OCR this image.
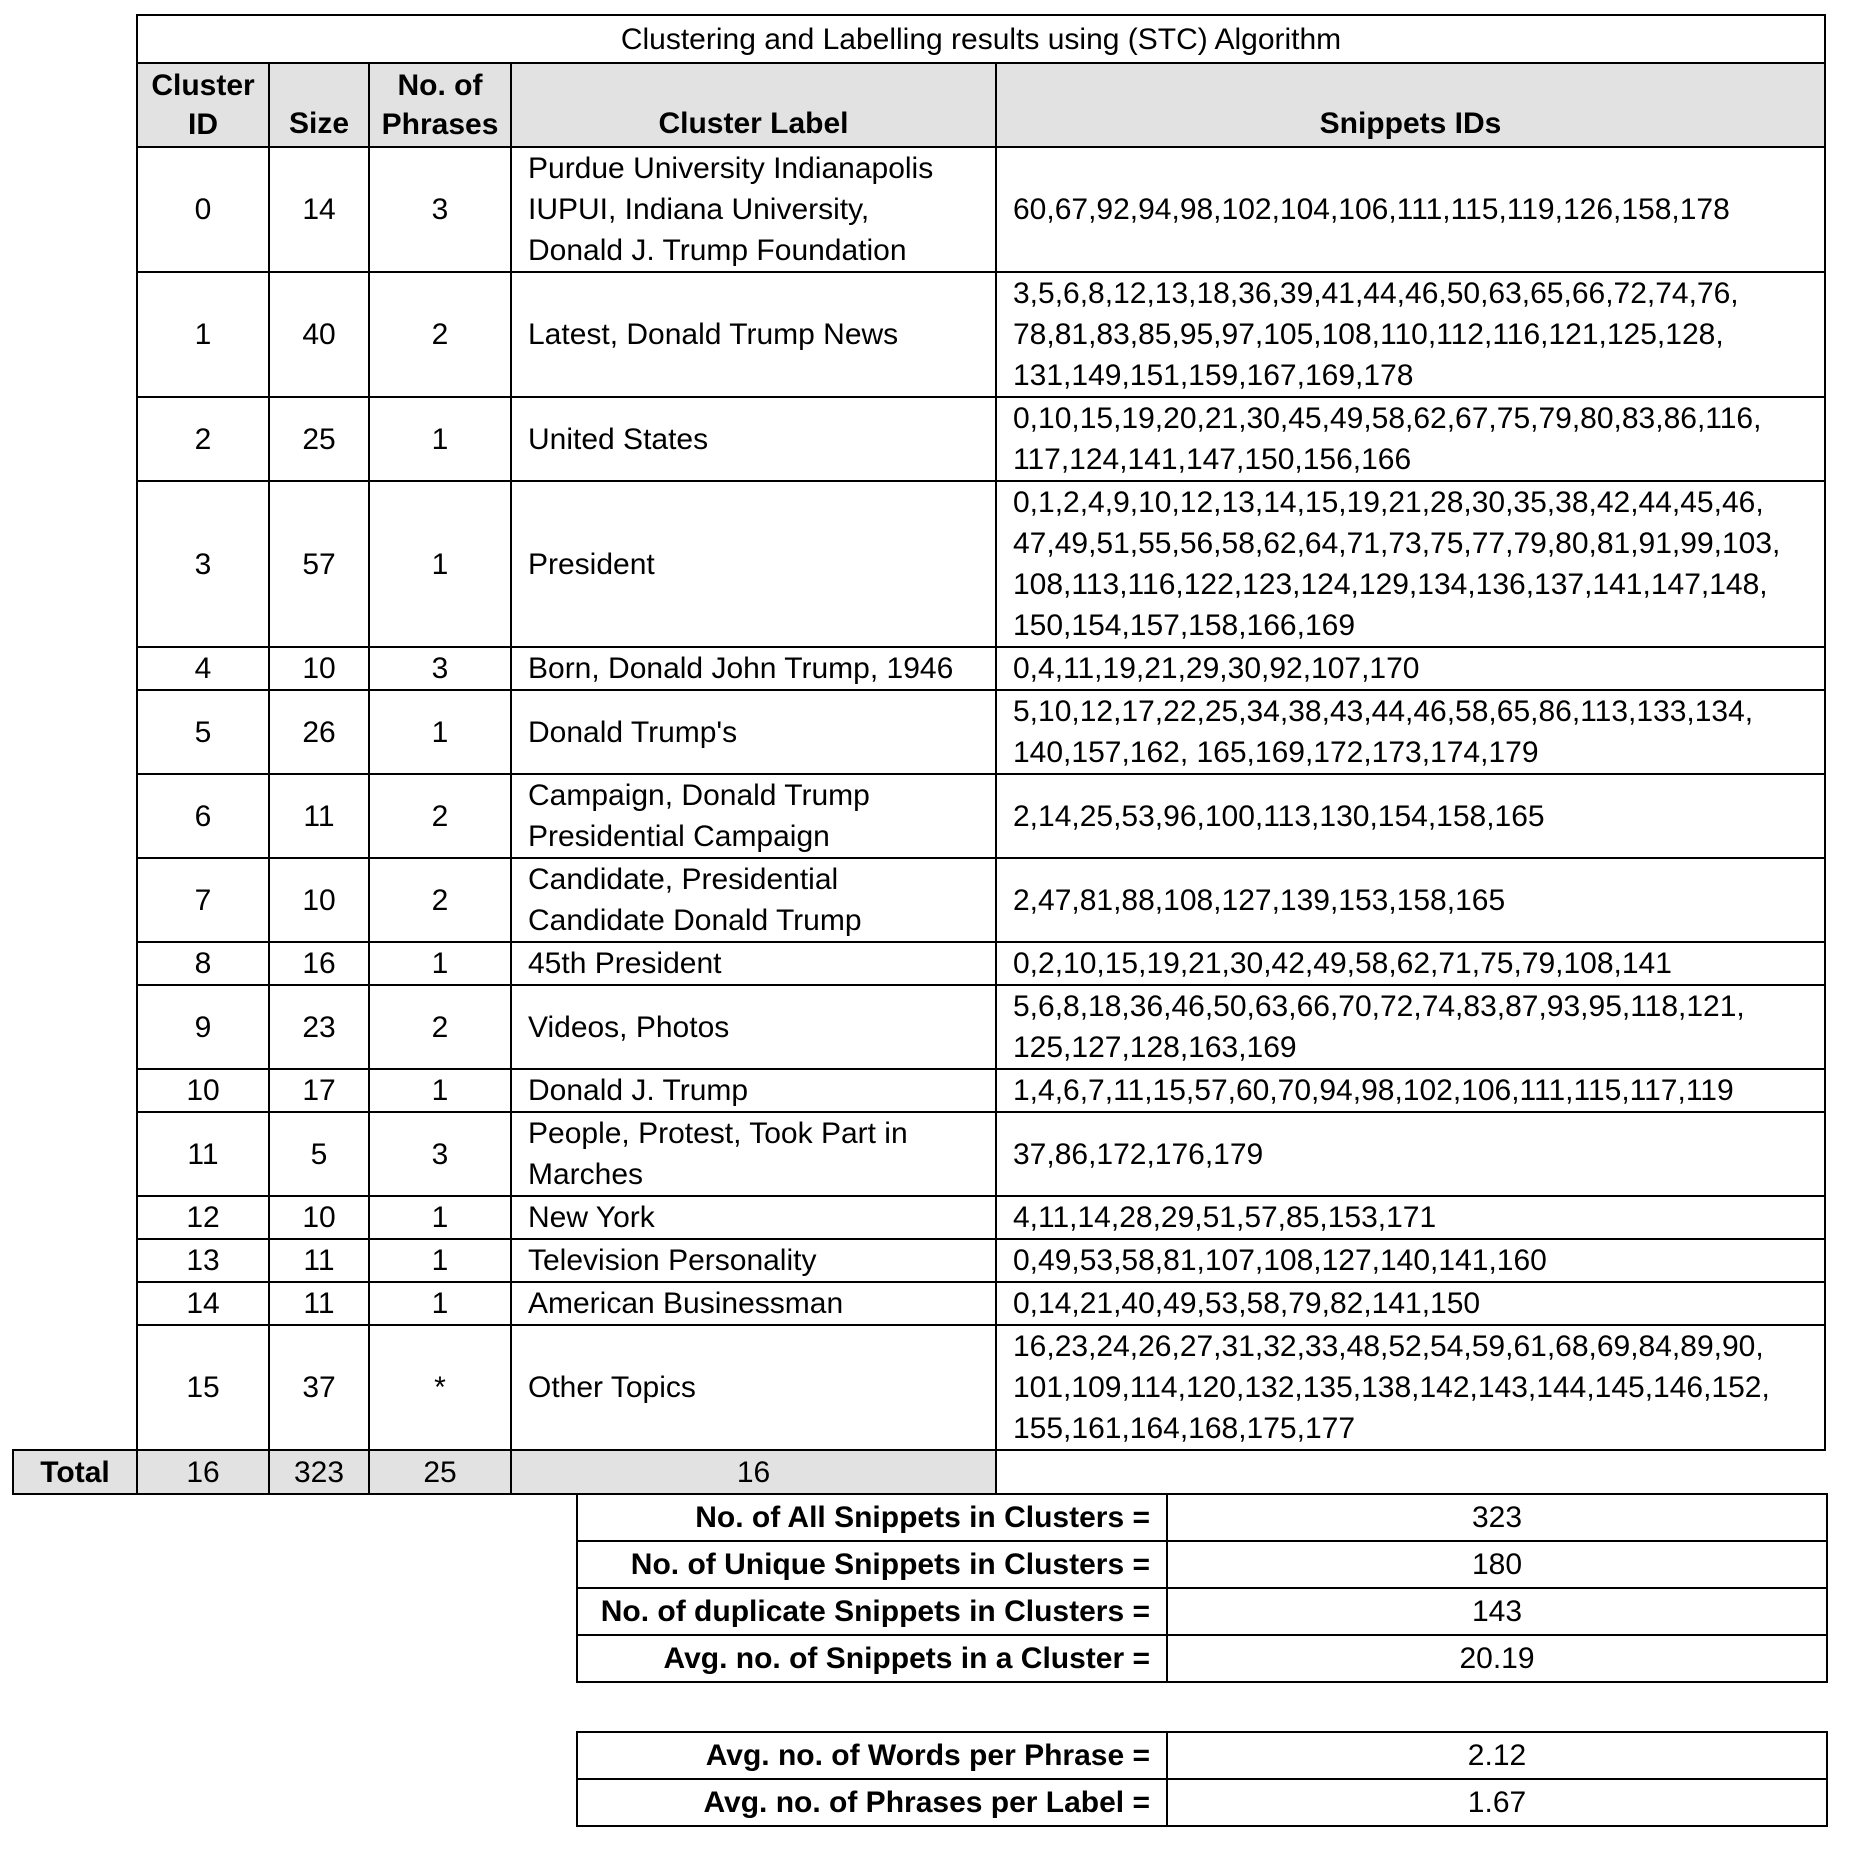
	Clustering and Labelling results using (STC) Algorithm				
	Cluster
ID	Size	No. of
Phrases	Cluster Label	Snippets IDs
	0	14	3	Purdue University Indianapolis
IUPUI, Indiana University,
Donald J. Trump Foundation	60,67,92,94,98,102,104,106,111,115,119,126,158,178

	1	40	2	Latest, Donald Trump News	3,5,6,8,12,13,18,36,39,41,44,46,50,63,65,66,72,74,76,
78,81,83,85,95,97,105,108,110,112,116,121,125,128,
131,149,151,159,167,169,178

	2	25	1	United States	0,10,15,19,20,21,30,45,49,58,62,67,75,79,80,83,86,116,
117,124,141,147,150,156,166

	3	57	1	President	0,1,2,4,9,10,12,13,14,15,19,21,28,30,35,38,42,44,45,46,
47,49,51,55,56,58,62,64,71,73,75,77,79,80,81,91,99,103,
108,113,116,122,123,124,129,134,136,137,141,147,148,
150,154,157,158,166,169

	4	10	3	Born, Donald John Trump, 1946	0,4,11,19,21,29,30,92,107,170

	5	26	1	Donald Trump's	5,10,12,17,22,25,34,38,43,44,46,58,65,86,113,133,134,
140,157,162, 165,169,172,173,174,179

	6	11	2	Campaign, Donald Trump
Presidential Campaign	2,14,25,53,96,100,113,130,154,158,165

	7	10	2	Candidate, Presidential
Candidate Donald Trump	2,47,81,88,108,127,139,153,158,165

	8	16	1	45th President	0,2,10,15,19,21,30,42,49,58,62,71,75,79,108,141

	9	23	2	Videos, Photos	5,6,8,18,36,46,50,63,66,70,72,74,83,87,93,95,118,121,
125,127,128,163,169

	10	17	1	Donald J. Trump	1,4,6,7,11,15,57,60,70,94,98,102,106,111,115,117,119

	11	5	3	People, Protest, Took Part in
Marches	37,86,172,176,179

	12	10	1	New York	4,11,14,28,29,51,57,85,153,171

	13	11	1	Television Personality	0,49,53,58,81,107,108,127,140,141,160

	14	11	1	American Businessman	0,14,21,40,49,53,58,79,82,141,150

	15	37	*	Other Topics	16,23,24,26,27,31,32,33,48,52,54,59,61,68,69,84,89,90,
101,109,114,120,132,135,138,142,143,144,145,146,152,
155,161,164,168,175,177

Total	16	323	25	16	
No. of All Snippets in Clusters =	323
No. of Unique Snippets in Clusters =	180
No. of duplicate Snippets in Clusters =	143
Avg. no. of Snippets in a Cluster =	20.19
Avg. no. of Words per Phrase =	2.12
Avg. no. of Phrases per Label =	1.67
